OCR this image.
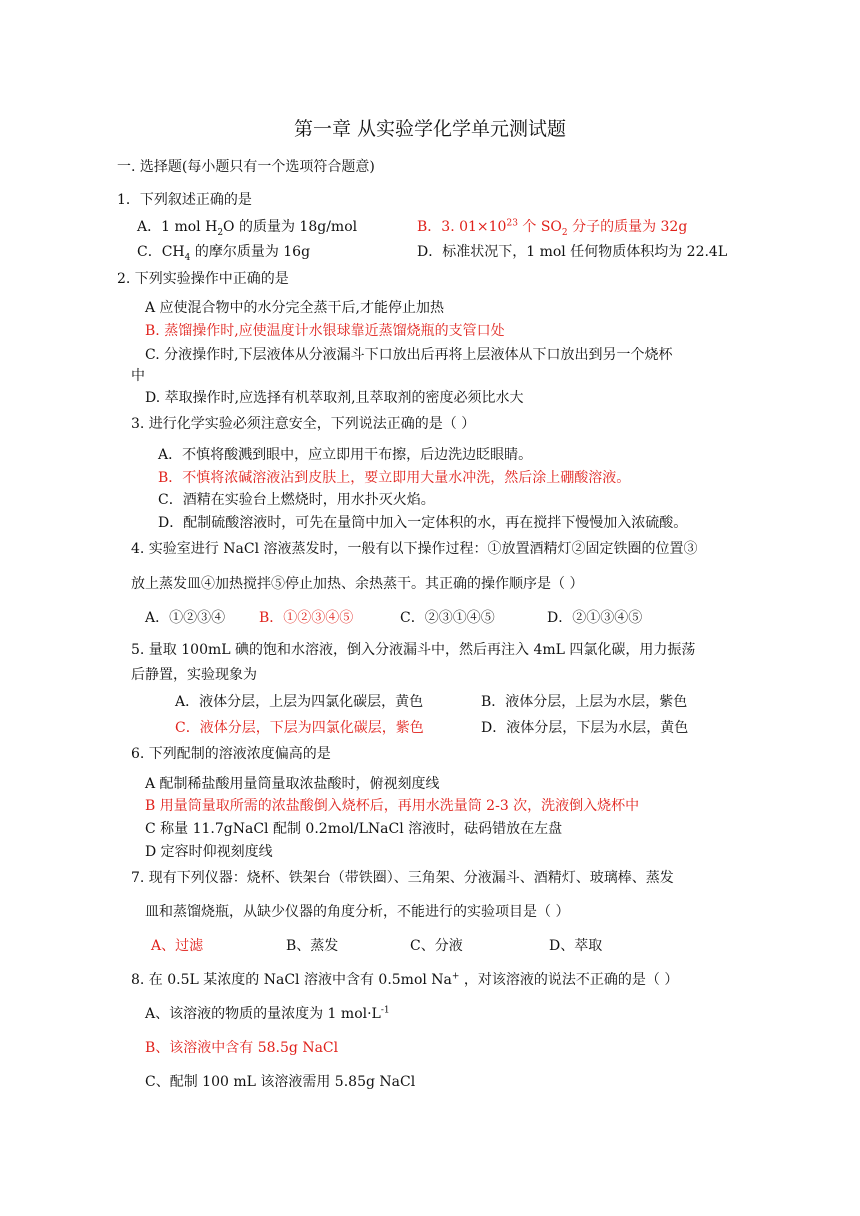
第一章 从实验学化学单元测试题
一. 选择题(每小题只有一个选项符合题意)
1．下列叙述正确的是
A．1 mol $H_2O$ 的质量为 18g/mol	B．3. $01\times 10^{23}$ 个 $SO_2$ 分子的质量为 32g
C．$CH_4$ 的摩尔质量为 16g	D．标准状况下，1 mol 任何物质体积均为 22.4L
2. 下列实验操作中正确的是
A 应使混合物中的水分完全蒸干后,才能停止加热
B. 蒸馏操作时,应使温度计水银球靠近蒸馏烧瓶的支管口处
C. 分液操作时,下层液体从分液漏斗下口放出后再将上层液体从下口放出到另一个烧杯
中
D. 萃取操作时,应选择有机萃取剂,且萃取剂的密度必须比水大
3. 进行化学实验必须注意安全，下列说法正确的是（ ）
A．不慎将酸溅到眼中，应立即用干布擦，后边洗边眨眼睛。
B．不慎将浓碱溶液沾到皮肤上，要立即用大量水冲洗，然后涂上硼酸溶液。
C．酒精在实验台上燃烧时，用水扑灭火焰。
D．配制硫酸溶液时，可先在量筒中加入一定体积的水，再在搅拌下慢慢加入浓硫酸。
4. 实验室进行 NaCl 溶液蒸发时，一般有以下操作过程：①放置酒精灯②固定铁圈的位置③
放上蒸发皿④加热搅拌⑤停止加热、余热蒸干。其正确的操作顺序是（ ）
A．①②③④ B．①②③④⑤	C．②③①④⑤	D．②①③④⑤
5. 量取 100mL 碘的饱和水溶液，倒入分液漏斗中，然后再注入 4mL 四氯化碳，用力振荡
后静置，实验现象为
A．液体分层，上层为四氯化碳层，黄色	B．液体分层，上层为水层，紫色
C．液体分层，下层为四氯化碳层，紫色	D．液体分层，下层为水层，黄色
6. 下列配制的溶液浓度偏高的是
A 配制稀盐酸用量筒量取浓盐酸时，俯视刻度线
B 用量筒量取所需的浓盐酸倒入烧杯后，再用水洗量筒 2-3 次，洗液倒入烧杯中
C 称量 11.7gNaCl 配制 0.2mol/LNaCl 溶液时，砝码错放在左盘
D 定容时仰视刻度线
7. 现有下列仪器：烧杯、铁架台（带铁圈）、三角架、分液漏斗、酒精灯、玻璃棒、蒸发
皿和蒸馏烧瓶，从缺少仪器的角度分析，不能进行的实验项目是（ ）
A、过滤	B、蒸发	C、分液	D、萃取
8. 在 0.5L 某浓度的 NaCl 溶液中含有 0.5mol Na+ ，对该溶液的说法不正确的是（ ）
A、该溶液的物质的量浓度为 1 $mol\cdot L^{-1}$
B、该溶液中含有 58.5g NaCl
C、配制 100 mL 该溶液需用 5.85g NaCl
